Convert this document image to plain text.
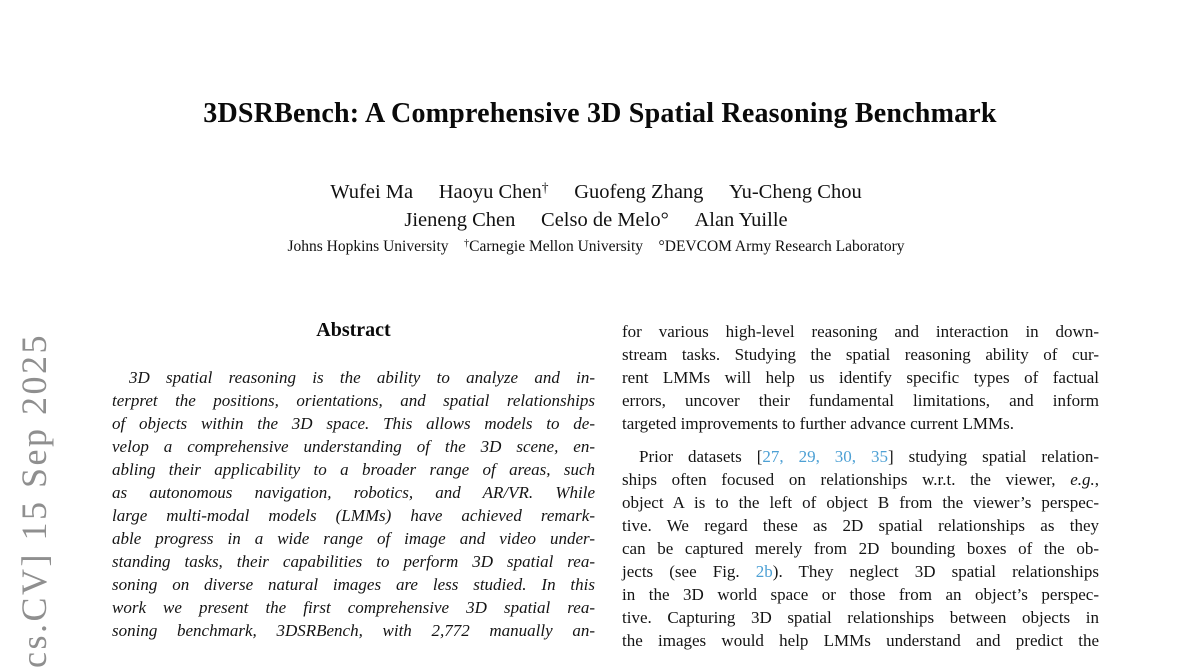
cs.CV] 15 Sep 2025
3DSRBench: A Comprehensive 3D Spatial Reasoning Benchmark
Wufei Ma   Haoyu Chen†   Guofeng Zhang   Yu-Cheng Chou
Jieneng Chen   Celso de Melo°   Alan Yuille
Johns Hopkins University   †Carnegie Mellon University   °DEVCOM Army Research Laboratory
Abstract
3D spatial reasoning is the ability to analyze and in-
terpret the positions, orientations, and spatial relationships
of objects within the 3D space. This allows models to de-
velop a comprehensive understanding of the 3D scene, en-
abling their applicability to a broader range of areas, such
as autonomous navigation, robotics, and AR/VR. While
large multi-modal models (LMMs) have achieved remark-
able progress in a wide range of image and video under-
standing tasks, their capabilities to perform 3D spatial rea-
soning on diverse natural images are less studied. In this
work we present the first comprehensive 3D spatial rea-
soning benchmark, 3DSRBench, with 2,772 manually an-
for various high-level reasoning and interaction in down-
stream tasks. Studying the spatial reasoning ability of cur-
rent LMMs will help us identify specific types of factual
errors, uncover their fundamental limitations, and inform
targeted improvements to further advance current LMMs.
Prior datasets [27, 29, 30, 35] studying spatial relation-
ships often focused on relationships w.r.t. the viewer, e.g.,
object A is to the left of object B from the viewer’s perspec-
tive. We regard these as 2D spatial relationships as they
can be captured merely from 2D bounding boxes of the ob-
jects (see Fig. 2b). They neglect 3D spatial relationships
in the 3D world space or those from an object’s perspec-
tive. Capturing 3D spatial relationships between objects in
the images would help LMMs understand and predict the
